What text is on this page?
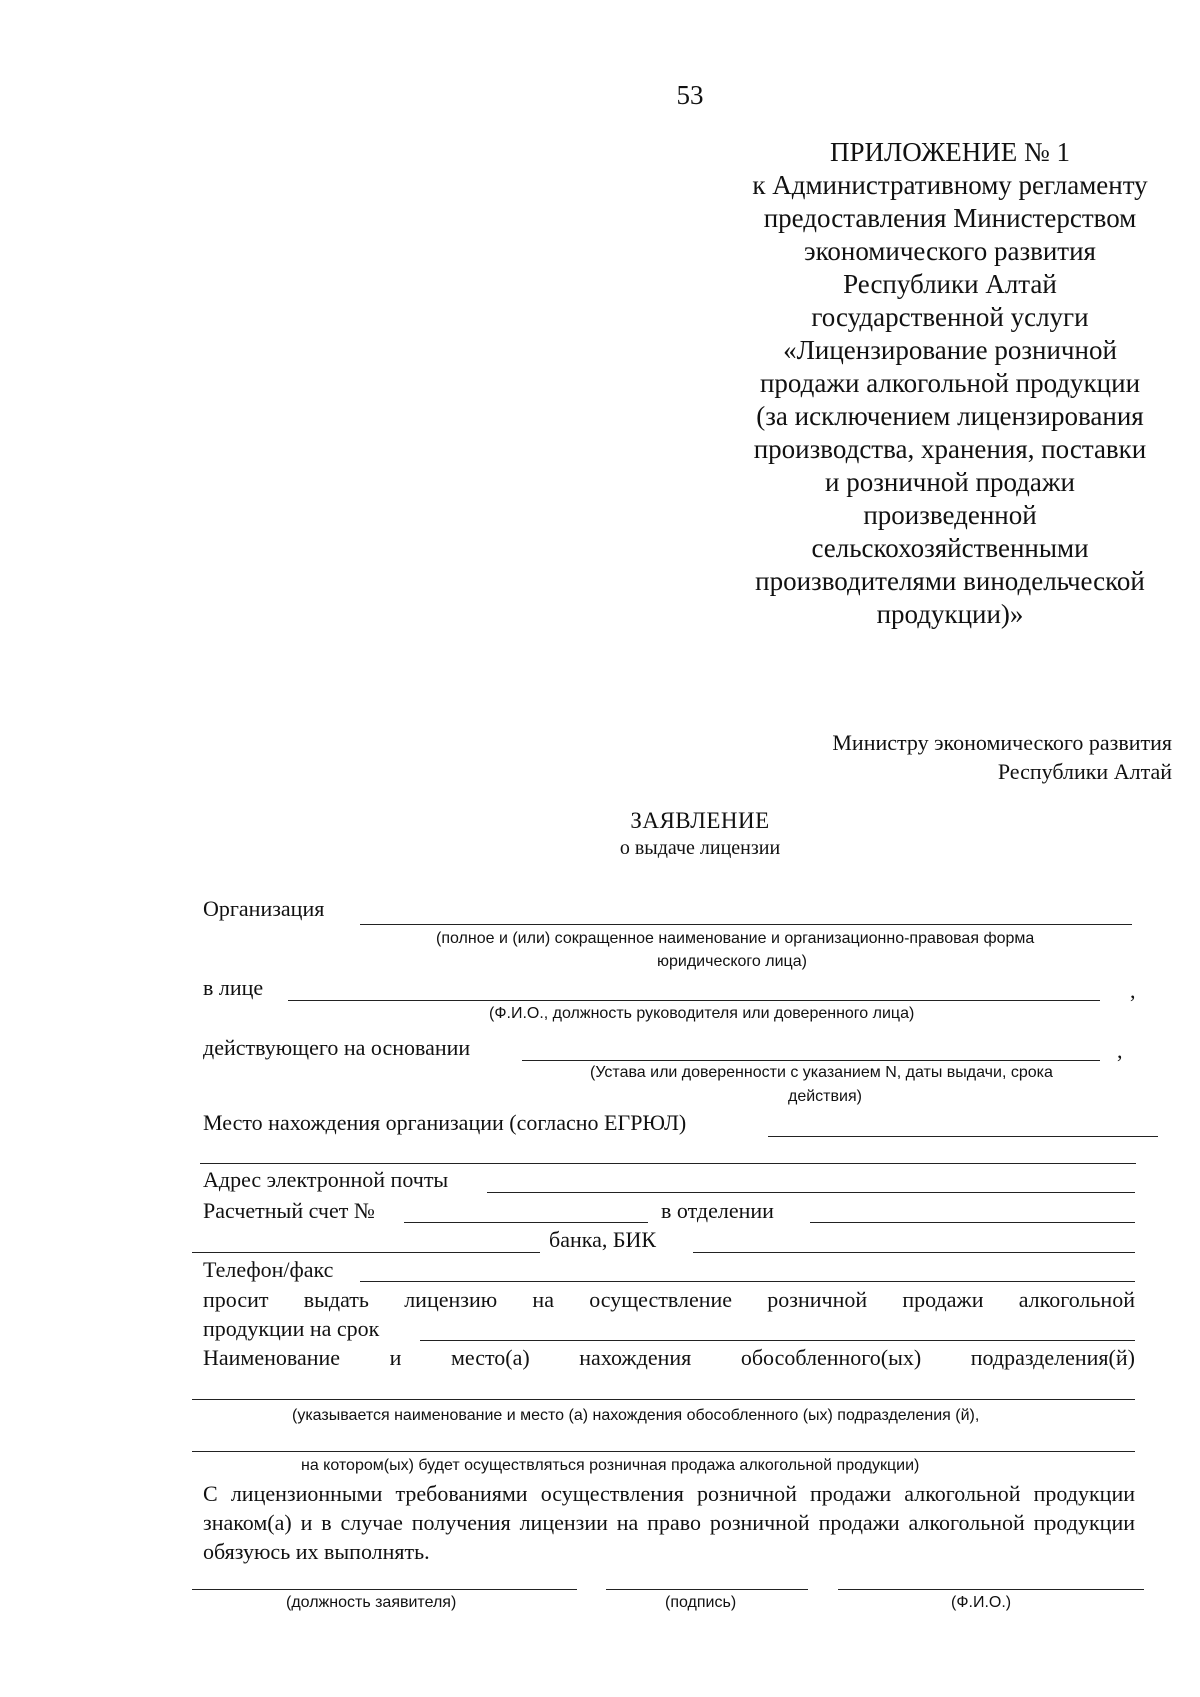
53
ПРИЛОЖЕНИЕ № 1
к Административному регламенту
предоставления Министерством
экономического развития
Республики Алтай
государственной услуги
«Лицензирование розничной
продажи алкогольной продукции
(за исключением лицензирования
производства, хранения, поставки
и розничной продажи
произведенной
сельскохозяйственными
производителями винодельческой
продукции)»
Министру экономического развития
Республики Алтай
ЗАЯВЛЕНИЕ
о выдаче лицензии
Организация
(полное и (или) сокращенное наименование и организационно-правовая форма
юридического лица)
в лице	,
(Ф.И.О., должность руководителя или доверенного лица)
действующего на основании	,
(Устава или доверенности с указанием N, даты выдачи, срока
действия)
Место нахождения организации (согласно ЕГРЮЛ)
Адрес электронной почты
Расчетный счет №	в отделении
банка, БИК
Телефон/факс
просит выдать лицензию на осуществление розничной продажи алкогольной
продукции на срок
Наименование и место(а) нахождения обособленного(ых) подразделения(й)
(указывается наименование и место (а) нахождения обособленного (ых) подразделения (й),
на котором(ых) будет осуществляться розничная продажа алкогольной продукции)
С лицензионными требованиями осуществления розничной продажи алкогольной продукции знаком(а) и в случае получения лицензии на право розничной продажи алкогольной продукции обязуюсь их выполнять.
(должность заявителя)	(подпись)	(Ф.И.О.)
